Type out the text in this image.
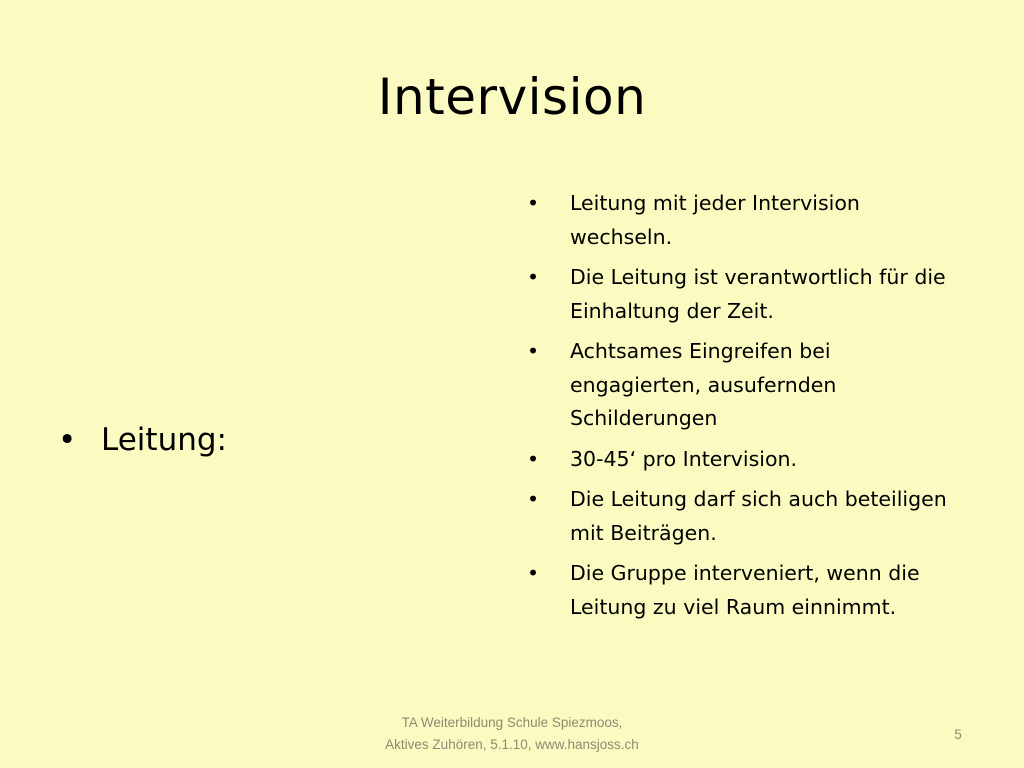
Intervision
• Leitung:
• Leitung mit jeder Intervision wechseln.
• Die Leitung ist verantwortlich für die Einhaltung der Zeit.
• Achtsames Eingreifen bei engagierten, ausufernden Schilderungen
• 30-45‘ pro Intervision.
• Die Leitung darf sich auch beteiligen mit Beiträgen.
• Die Gruppe interveniert, wenn die Leitung zu viel Raum einnimmt.
TA Weiterbildung Schule Spiezmoos,
Aktives Zuhören, 5.1.10, www.hansjoss.ch
5
